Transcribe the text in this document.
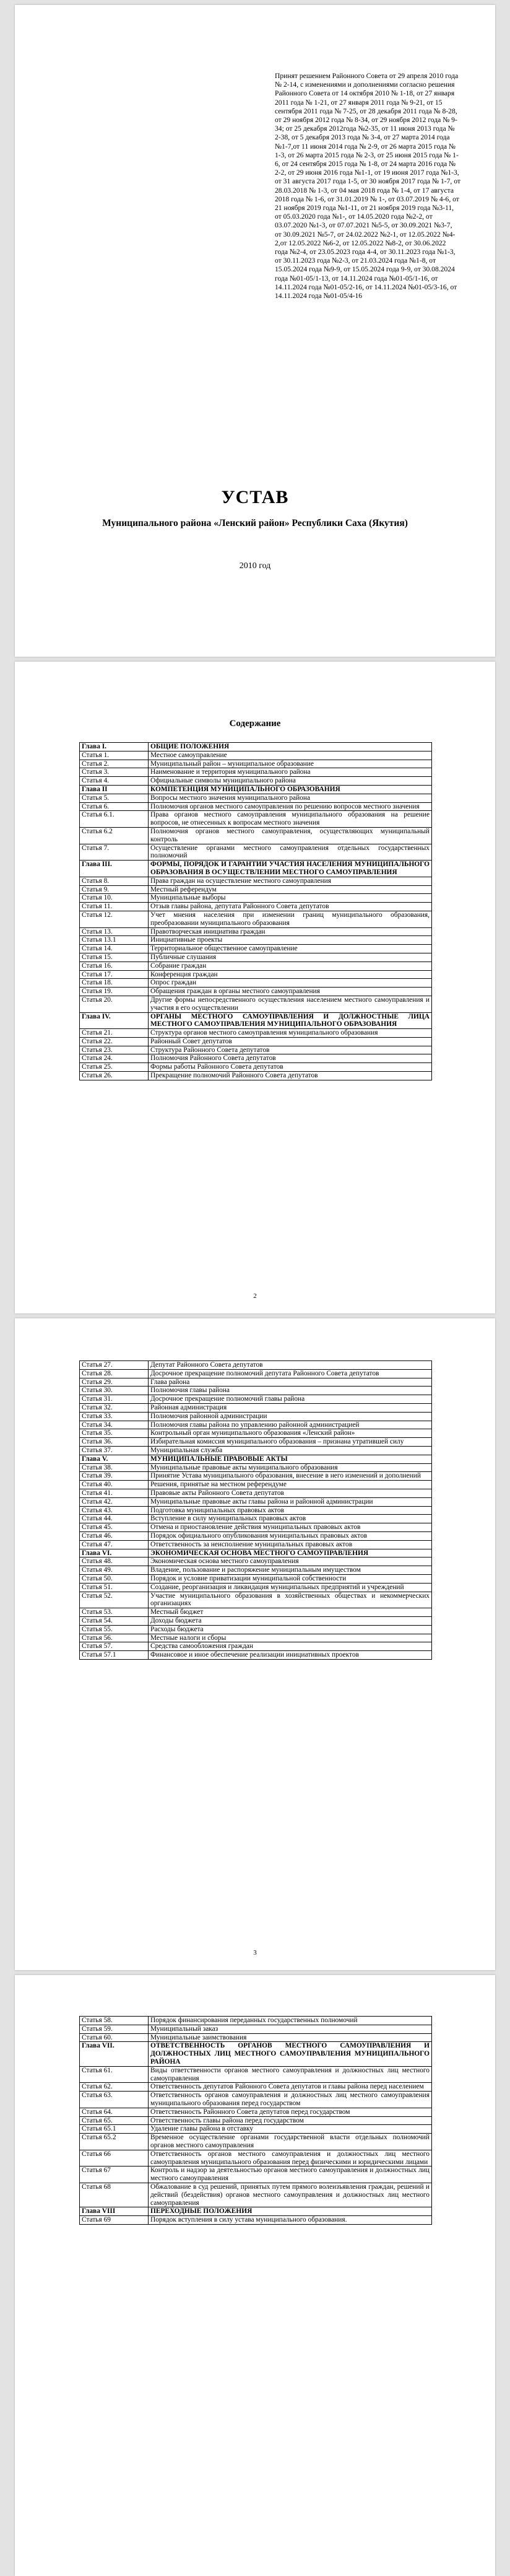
Принят решением Районного Совета от 29 апреля 2010 года № 2-14, с изменениями и дополнениями согласно решения Районного Совета от 14 октября 2010 № 1-18, от 27 января 2011 года № 1-21, от 27 января 2011 года № 9-21, от 15 сентября 2011 года № 7-25, от 28 декабря 2011 года № 8-28, от 29 ноября 2012 года № 8-34, от 29 ноября 2012 года № 9-34; от 25 декабря 2012года №2-35, от 11 июня 2013 года № 2-38, от 5 декабря 2013 года № 3-4, от 27 марта 2014 года №1-7,от 11 июня 2014 года № 2-9, от 26 марта 2015 года № 1-3, от 26 марта 2015 года № 2-3, от 25 июня 2015 года № 1-6, от 24 сентября 2015 года № 1-8, от 24 марта 2016 года № 2-2, от 29 июня 2016 года №1-1, от 19 июня 2017 года №1-3, от 31 августа 2017 года 1-5, от 30 ноября 2017 года № 1-7, от 28.03.2018 № 1-3, от 04 мая 2018 года № 1-4, от 17 августа 2018 года № 1-6, от 31.01.2019 № 1-, от 03.07.2019 № 4-6, от 21 ноября 2019 года №1-11, от 21 ноября 2019 года №3-11, от 05.03.2020 года №1-, от 14.05.2020 года №2-2, от 03.07.2020 №1-3, от 07.07.2021 №5-5, от 30.09.2021 №3-7, от 30.09.2021 №5-7, от 24.02.2022 №2-1, от 12.05.2022 №4-2,от 12.05.2022 №6-2, от 12.05.2022 №8-2, от 30.06.2022 года №2-4, от 23.05.2023 года 4-4, от 30.11.2023 года №1-3, от 30.11.2023 года №2-3, от 21.03.2024 года №1-8, от 15.05.2024 года №9-9, от 15.05.2024 года 9-9, от 30.08.2024 года №01-05/1-13, от 14.11.2024 года №01-05/1-16, от 14.11.2024 года №01-05/2-16, от 14.11.2024 №01-05/3-16, от 14.11.2024 года №01-05/4-16
УСТАВ
Муниципального района «Ленский район» Республики Саха (Якутия)
2010 год
Содержание
Глава I.	ОБЩИЕ ПОЛОЖЕНИЯ
Статья 1.	Местное самоуправление
Статья 2.	Муниципальный район – муниципальное образование
Статья 3.	Наименование и территория муниципального района
Статья 4.	Официальные символы муниципального района
Глава II	КОМПЕТЕНЦИЯ МУНИЦИПАЛЬНОГО ОБРАЗОВАНИЯ
Статья 5.	Вопросы местного значения муниципального района
Статья 6.	Полномочия органов местного самоуправления по решению вопросов местного значения
Статья 6.1.	Права органов местного самоуправления муниципального образования на решение вопросов, не отнесенных к вопросам местного значения
Статья 6.2	Полномочия органов местного самоуправления, осуществляющих муниципальный контроль
Статья 7.	Осуществление органами местного самоуправления отдельных государственных полномочий
Глава III.	ФОРМЫ, ПОРЯДОК И ГАРАНТИИ УЧАСТИЯ НАСЕЛЕНИЯ МУНИЦИПАЛЬНОГО ОБРАЗОВАНИЯ В ОСУЩЕСТВЛЕНИИ МЕСТНОГО САМОУПРАВЛЕНИЯ
Статья 8.	Права граждан на осуществление местного самоуправления
Статья 9.	Местный референдум
Статья 10.	Муниципальные выборы
Статья 11.	Отзыв главы района, депутата Районного Совета депутатов
Статья 12.	Учет мнения населения при изменении границ муниципального образования, преобразовании муниципального образования
Статья 13.	Правотворческая инициатива граждан
Статья 13.1	Инициативные проекты
Статья 14.	Территориальное общественное самоуправление
Статья 15.	Публичные слушания
Статья 16.	Собрание граждан
Статья 17.	Конференция граждан
Статья 18.	Опрос граждан
Статья 19.	Обращения граждан в органы местного самоуправления
Статья 20.	Другие формы непосредственного осуществления населением местного самоуправления и участия в его осуществлении
Глава IV.	ОРГАНЫ МЕСТНОГО САМОУПРАВЛЕНИЯ И ДОЛЖНОСТНЫЕ ЛИЦА МЕСТНОГО САМОУПРАВЛЕНИЯ МУНИЦИПАЛЬНОГО ОБРАЗОВАНИЯ
Статья 21.	Структура органов местного самоуправления муниципального образования
Статья 22.	Районный Совет депутатов
Статья 23.	Структура Районного Совета депутатов
Статья 24.	Полномочия Районного Совета депутатов
Статья 25.	Формы работы Районного Совета депутатов
Статья 26.	Прекращение полномочий Районного Совета депутатов
2
Статья 27.	Депутат Районного Совета депутатов
Статья 28.	Досрочное прекращение полномочий депутата Районного Совета депутатов
Статья 29.	Глава района
Статья 30.	Полномочия главы района
Статья 31.	Досрочное прекращение полномочий главы района
Статья 32.	Районная администрация
Статья 33.	Полномочия районной администрации
Статья 34.	Полномочия главы района по управлению районной администрацией
Статья 35.	Контрольный орган муниципального образования «Ленский район»
Статья 36.	Избирательная комиссия муниципального образования – признана утратившей силу
Статья 37.	Муниципальная служба
Глава V.	МУНИЦИПАЛЬНЫЕ ПРАВОВЫЕ АКТЫ
Статья 38.	Муниципальные правовые акты муниципального образования
Статья 39.	Принятие Устава муниципального образования, внесение в него изменений и дополнений
Статья 40.	Решения, принятые на местном референдуме
Статья 41.	Правовые акты Районного Совета депутатов
Статья 42.	Муниципальные правовые акты главы района и районной администрации
Статья 43.	Подготовка муниципальных правовых актов
Статья 44.	Вступление в силу муниципальных правовых актов
Статья 45.	Отмена и приостановление действия муниципальных правовых актов
Статья 46.	Порядок официального опубликования муниципальных правовых актов
Статья 47.	Ответственность за неисполнение муниципальных правовых актов
Глава VI.	ЭКОНОМИЧЕСКАЯ ОСНОВА МЕСТНОГО САМОУПРАВЛЕНИЯ
Статья 48.	Экономическая основа местного самоуправления
Статья 49.	Владение, пользование и распоряжение муниципальным имуществом
Статья 50.	Порядок и условие приватизации муниципальной собственности
Статья 51.	Создание, реорганизация и ликвидация муниципальных предприятий и учреждений
Статья 52.	Участие муниципального образования в хозяйственных обществах и некоммерческих организациях
Статья 53.	Местный бюджет
Статья 54.	Доходы бюджета
Статья 55.	Расходы бюджета
Статья 56.	Местные налоги и сборы
Статья 57.	Средства самообложения граждан
Статья 57.1	Финансовое и иное обеспечение реализации инициативных проектов
3
Статья 58.	Порядок финансирования переданных государственных полномочий
Статья 59.	Муниципальный заказ
Статья 60.	Муниципальные заимствования
Глава VII.	ОТВЕТСТВЕННОСТЬ ОРГАНОВ МЕСТНОГО САМОУПРАВЛЕНИЯ И ДОЛЖНОСТНЫХ ЛИЦ МЕСТНОГО САМОУПРАВЛЕНИЯ МУНИЦИПАЛЬНОГО РАЙОНА
Статья 61.	Виды ответственности органов местного самоуправления и должностных лиц местного самоуправления
Статья 62.	Ответственность депутатов Районного Совета депутатов и главы района перед населением
Статья 63.	Ответственность органов самоуправления и должностных лиц местного самоуправления муниципального образования перед государством
Статья 64.	Ответственность Районного Совета депутатов перед государством
Статья 65.	Ответственность главы района перед государством
Статья 65.1	Удаление главы района в отставку
Статья 65.2	Временное осуществление органами государственной власти отдельных полномочий органов местного самоуправления
Статья 66	Ответственность органов местного самоуправления и должностных лиц местного самоуправления муниципального образования перед физическими и юридическими лицами
Статья 67	Контроль и надзор за деятельностью органов местного самоуправления и должностных лиц местного самоуправления
Статья 68	Обжалование в суд решений, принятых путем прямого волеизъявления граждан, решений и действий (бездействия) органов местного самоуправления и должностных лиц местного самоуправления
Глава VIII	ПЕРЕХОДНЫЕ ПОЛОЖЕНИЯ
Статья 69	Порядок вступления в силу устава муниципального образования.
